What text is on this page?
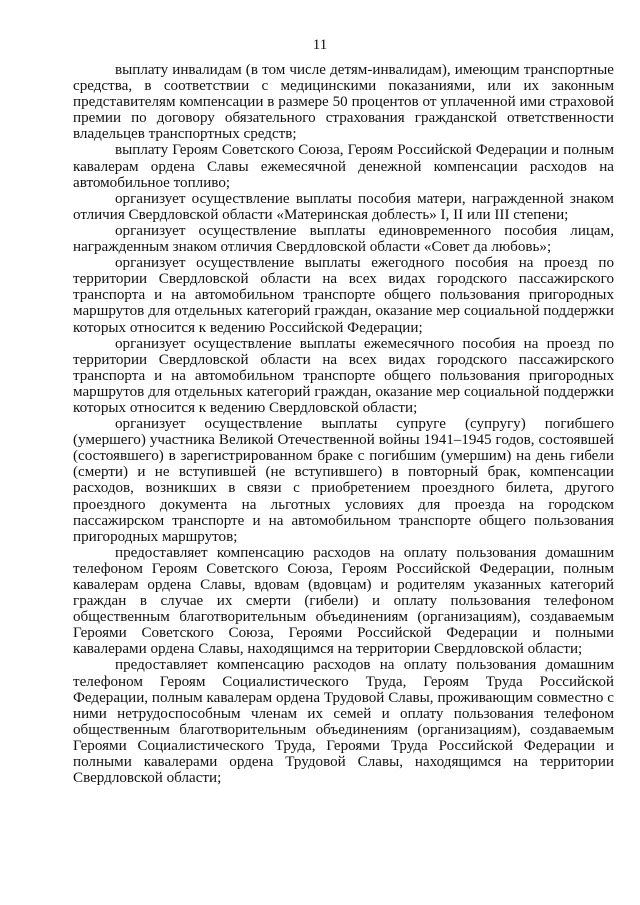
11

выплату инвалидам (в том числе детям-инвалидам), имеющим транспортные средства, в соответствии с медицинскими показаниями, или их законным представителям компенсации в размере 50 процентов от уплаченной ими страховой премии по договору обязательного страхования гражданской ответственности владельцев транспортных средств;

выплату Героям Советского Союза, Героям Российской Федерации и полным кавалерам ордена Славы ежемесячной денежной компенсации расходов на автомобильное топливо;

организует осуществление выплаты пособия матери, награжденной знаком отличия Свердловской области «Материнская доблесть» I, II или III степени;

организует осуществление выплаты единовременного пособия лицам, награжденным знаком отличия Свердловской области «Совет да любовь»;

организует осуществление выплаты ежегодного пособия на проезд по территории Свердловской области на всех видах городского пассажирского транспорта и на автомобильном транспорте общего пользования пригородных маршрутов для отдельных категорий граждан, оказание мер социальной поддержки которых относится к ведению Российской Федерации;

организует осуществление выплаты ежемесячного пособия на проезд по территории Свердловской области на всех видах городского пассажирского транспорта и на автомобильном транспорте общего пользования пригородных маршрутов для отдельных категорий граждан, оказание мер социальной поддержки которых относится к ведению Свердловской области;

организует осуществление выплаты супруге (супругу) погибшего (умершего) участника Великой Отечественной войны 1941–1945 годов, состоявшей (состоявшего) в зарегистрированном браке с погибшим (умершим) на день гибели (смерти) и не вступившей (не вступившего) в повторный брак, компенсации расходов, возникших в связи с приобретением проездного билета, другого проездного документа на льготных условиях для проезда на городском пассажирском транспорте и на автомобильном транспорте общего пользования пригородных маршрутов;

предоставляет компенсацию расходов на оплату пользования домашним телефоном Героям Советского Союза, Героям Российской Федерации, полным кавалерам ордена Славы, вдовам (вдовцам) и родителям указанных категорий граждан в случае их смерти (гибели) и оплату пользования телефоном общественным благотворительным объединениям (организациям), создаваемым Героями Советского Союза, Героями Российской Федерации и полными кавалерами ордена Славы, находящимся на территории Свердловской области;

предоставляет компенсацию расходов на оплату пользования домашним телефоном Героям Социалистического Труда, Героям Труда Российской Федерации, полным кавалерам ордена Трудовой Славы, проживающим совместно с ними нетрудоспособным членам их семей и оплату пользования телефоном общественным благотворительным объединениям (организациям), создаваемым Героями Социалистического Труда, Героями Труда Российской Федерации и полными кавалерами ордена Трудовой Славы, находящимся на территории Свердловской области;
